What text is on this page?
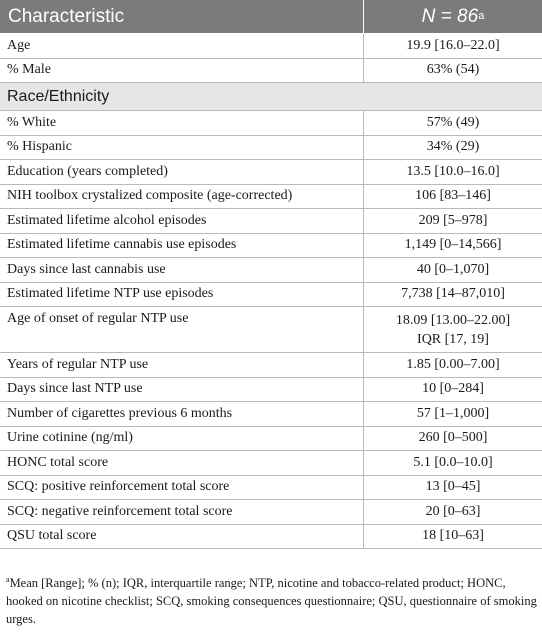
Characteristic	$N = 86^a$
Age	19.9 [16.0–22.0]
% Male	63% (54)
Race/Ethnicity
% White	57% (49)
% Hispanic	34% (29)
Education (years completed)	13.5 [10.0–16.0]
NIH toolbox crystalized composite (age-corrected)	106 [83–146]
Estimated lifetime alcohol episodes	209 [5–978]
Estimated lifetime cannabis use episodes	1,149 [0–14,566]
Days since last cannabis use	40 [0–1,070]
Estimated lifetime NTP use episodes	7,738 [14–87,010]
Age of onset of regular NTP use	18.09 [13.00–22.00]
IQR [17, 19]
Years of regular NTP use	1.85 [0.00–7.00]
Days since last NTP use	10 [0–284]
Number of cigarettes previous 6 months	57 [1–1,000]
Urine cotinine (ng/ml)	260 [0–500]
HONC total score	5.1 [0.0–10.0]
SCQ: positive reinforcement total score	13 [0–45]
SCQ: negative reinforcement total score	20 [0–63]
QSU total score	18 [10–63]
$^a$Mean [Range]; % (n); IQR, interquartile range; NTP, nicotine and tobacco-related product; HONC, hooked on nicotine checklist; SCQ, smoking consequences questionnaire; QSU, questionnaire of smoking urges.
